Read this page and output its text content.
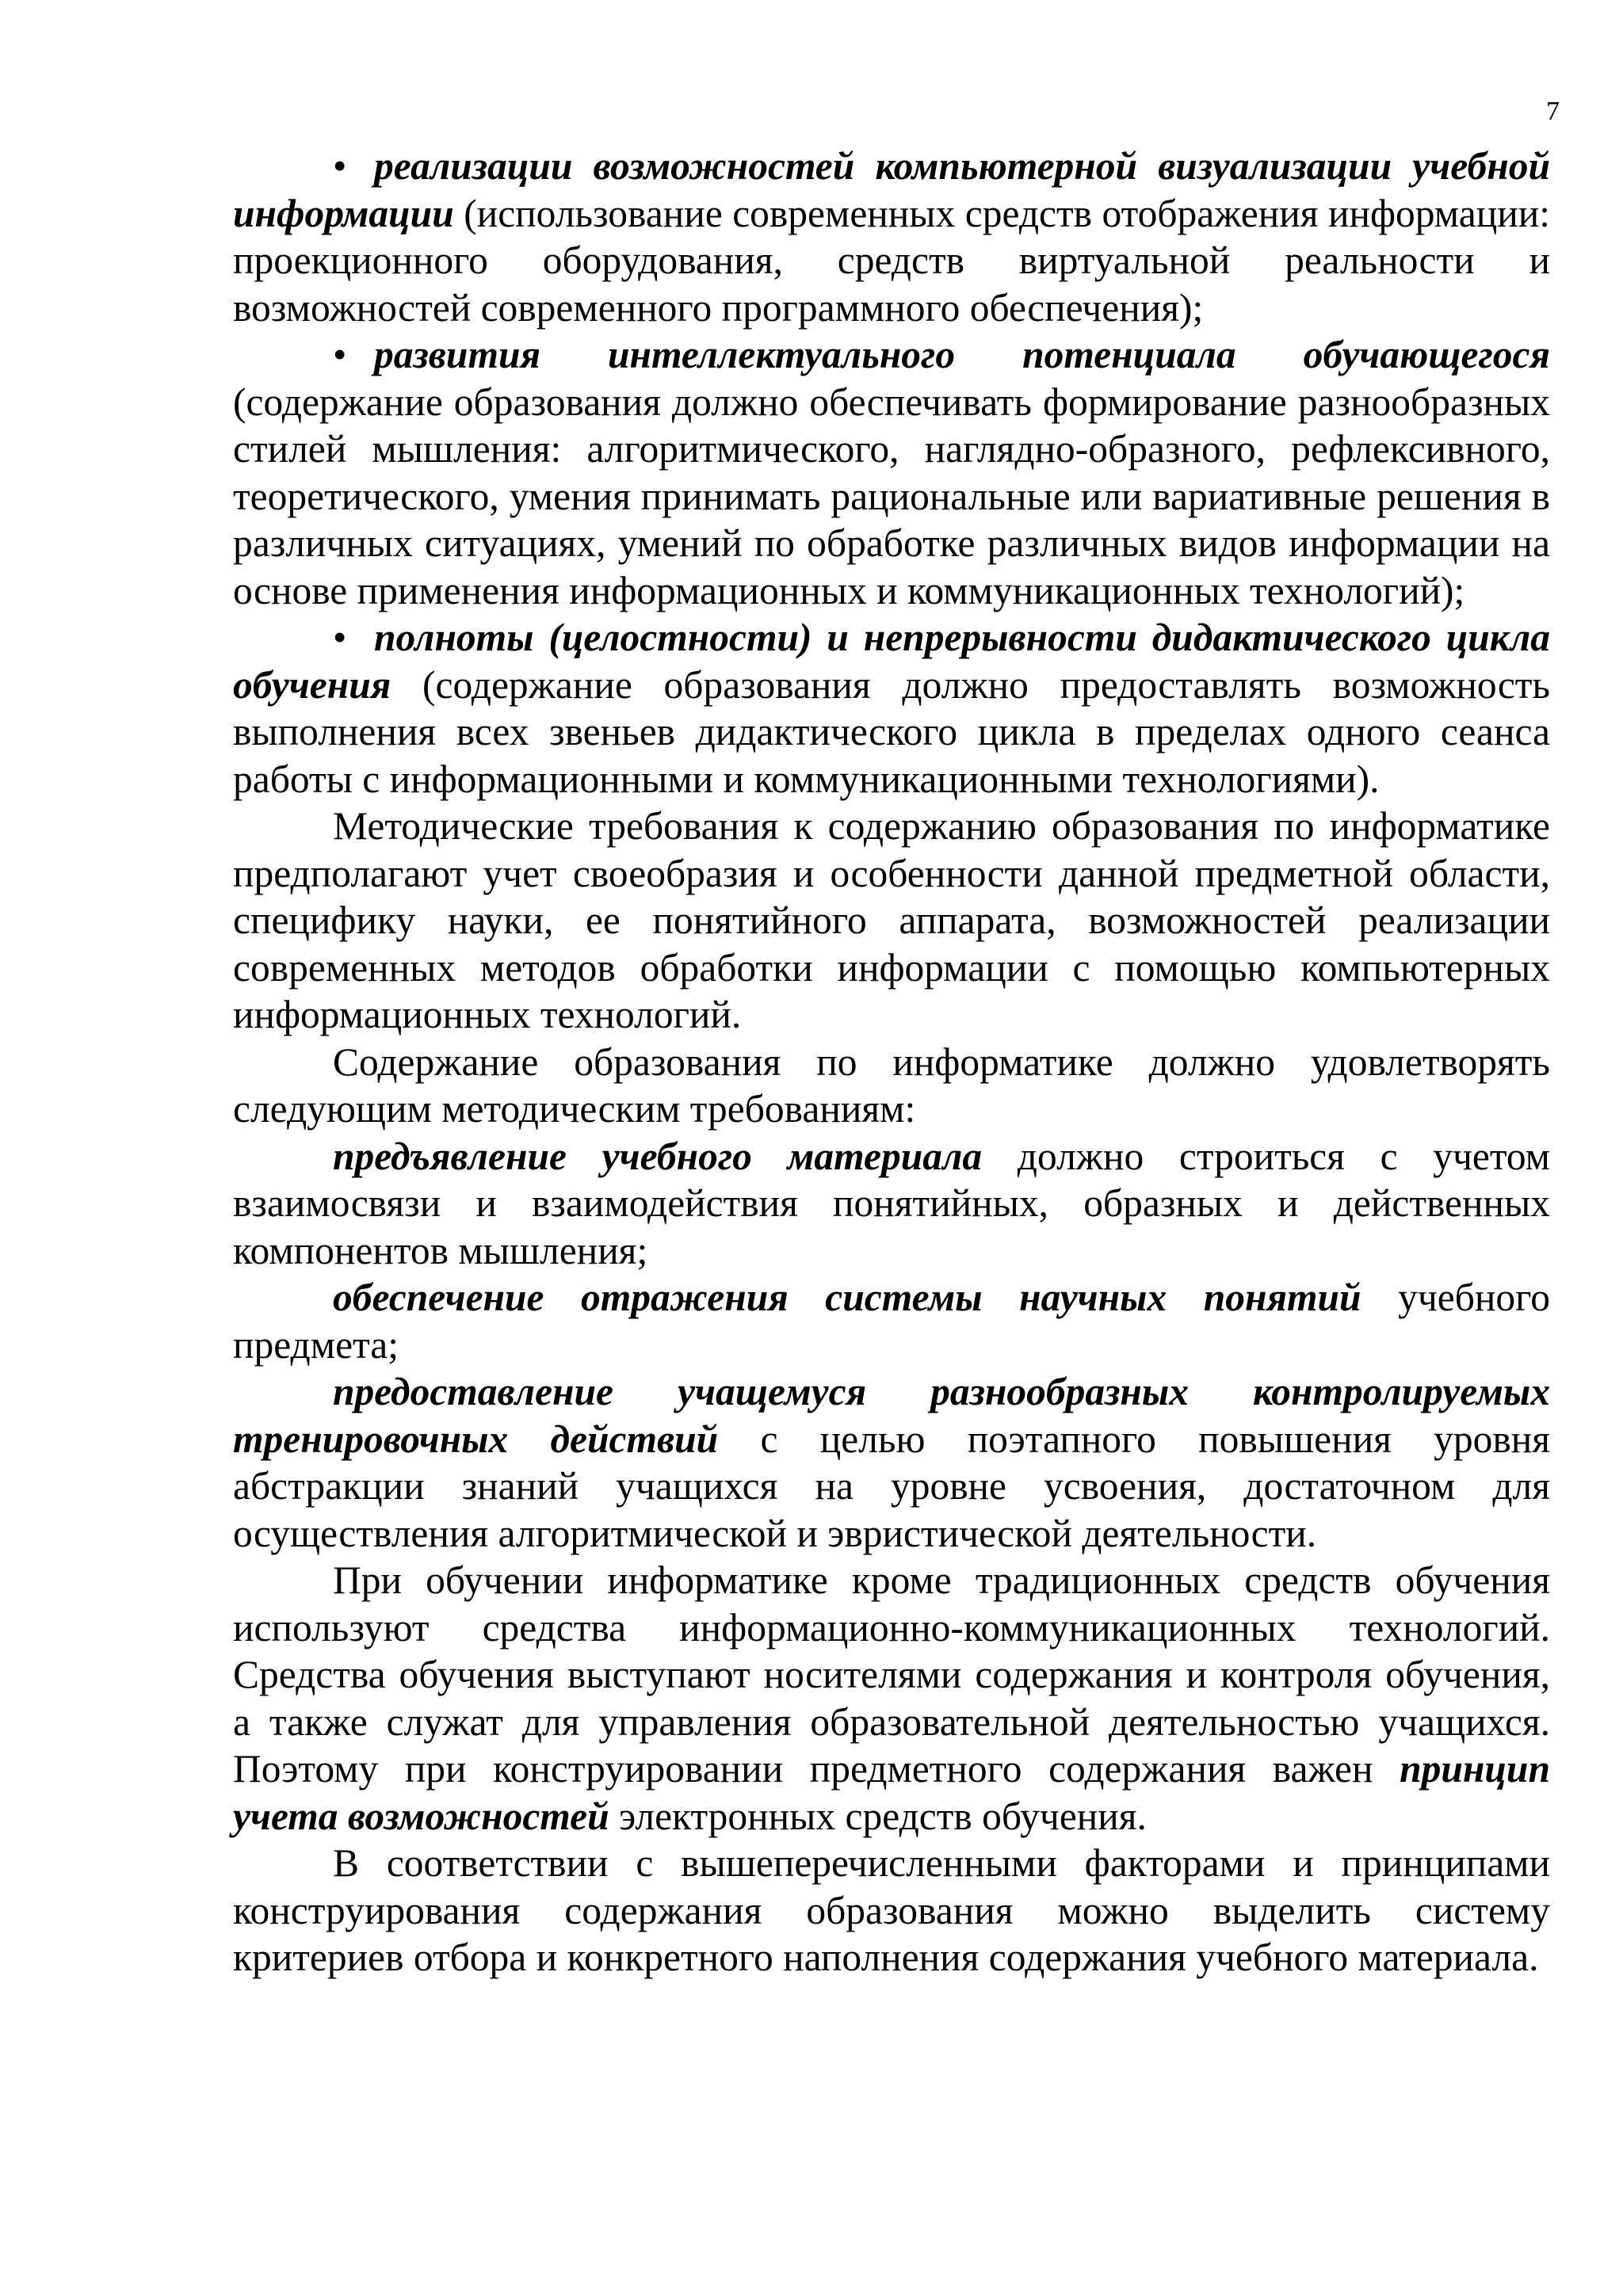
7

• реализации возможностей компьютерной визуализации учебной информации (использование современных средств отображения информации: проекционного оборудования, средств виртуальной реальности и возможностей современного программного обеспечения);

• развития интеллектуального потенциала обучающегося (содержание образования должно обеспечивать формирование разнообразных стилей мышления: алгоритмического, наглядно-образного, рефлексивного, теоретического, умения принимать рациональные или вариативные решения в различных ситуациях, умений по обработке различных видов информации на основе применения информационных и коммуникационных технологий);

• полноты (целостности) и непрерывности дидактического цикла обучения (содержание образования должно предоставлять возможность выполнения всех звеньев дидактического цикла в пределах одного сеанса работы с информационными и коммуникационными технологиями).

Методические требования к содержанию образования по информатике предполагают учет своеобразия и особенности данной предметной области, специфику науки, ее понятийного аппарата, возможностей реализации современных методов обработки информации с помощью компьютерных информационных технологий.

Содержание образования по информатике должно удовлетворять следующим методическим требованиям:

предъявление учебного материала должно строиться с учетом взаимосвязи и взаимодействия понятийных, образных и действенных компонентов мышления;

обеспечение отражения системы научных понятий учебного предмета;

предоставление учащемуся разнообразных контролируемых тренировочных действий с целью поэтапного повышения уровня абстракции знаний учащихся на уровне усвоения, достаточном для осуществления алгоритмической и эвристической деятельности.

При обучении информатике кроме традиционных средств обучения используют средства информационно-коммуникационных технологий. Средства обучения выступают носителями содержания и контроля обучения, а также служат для управления образовательной деятельностью учащихся. Поэтому при конструировании предметного содержания важен принцип учета возможностей электронных средств обучения.

В соответствии с вышеперечисленными факторами и принципами конструирования содержания образования можно выделить систему критериев отбора и конкретного наполнения содержания учебного материала.
